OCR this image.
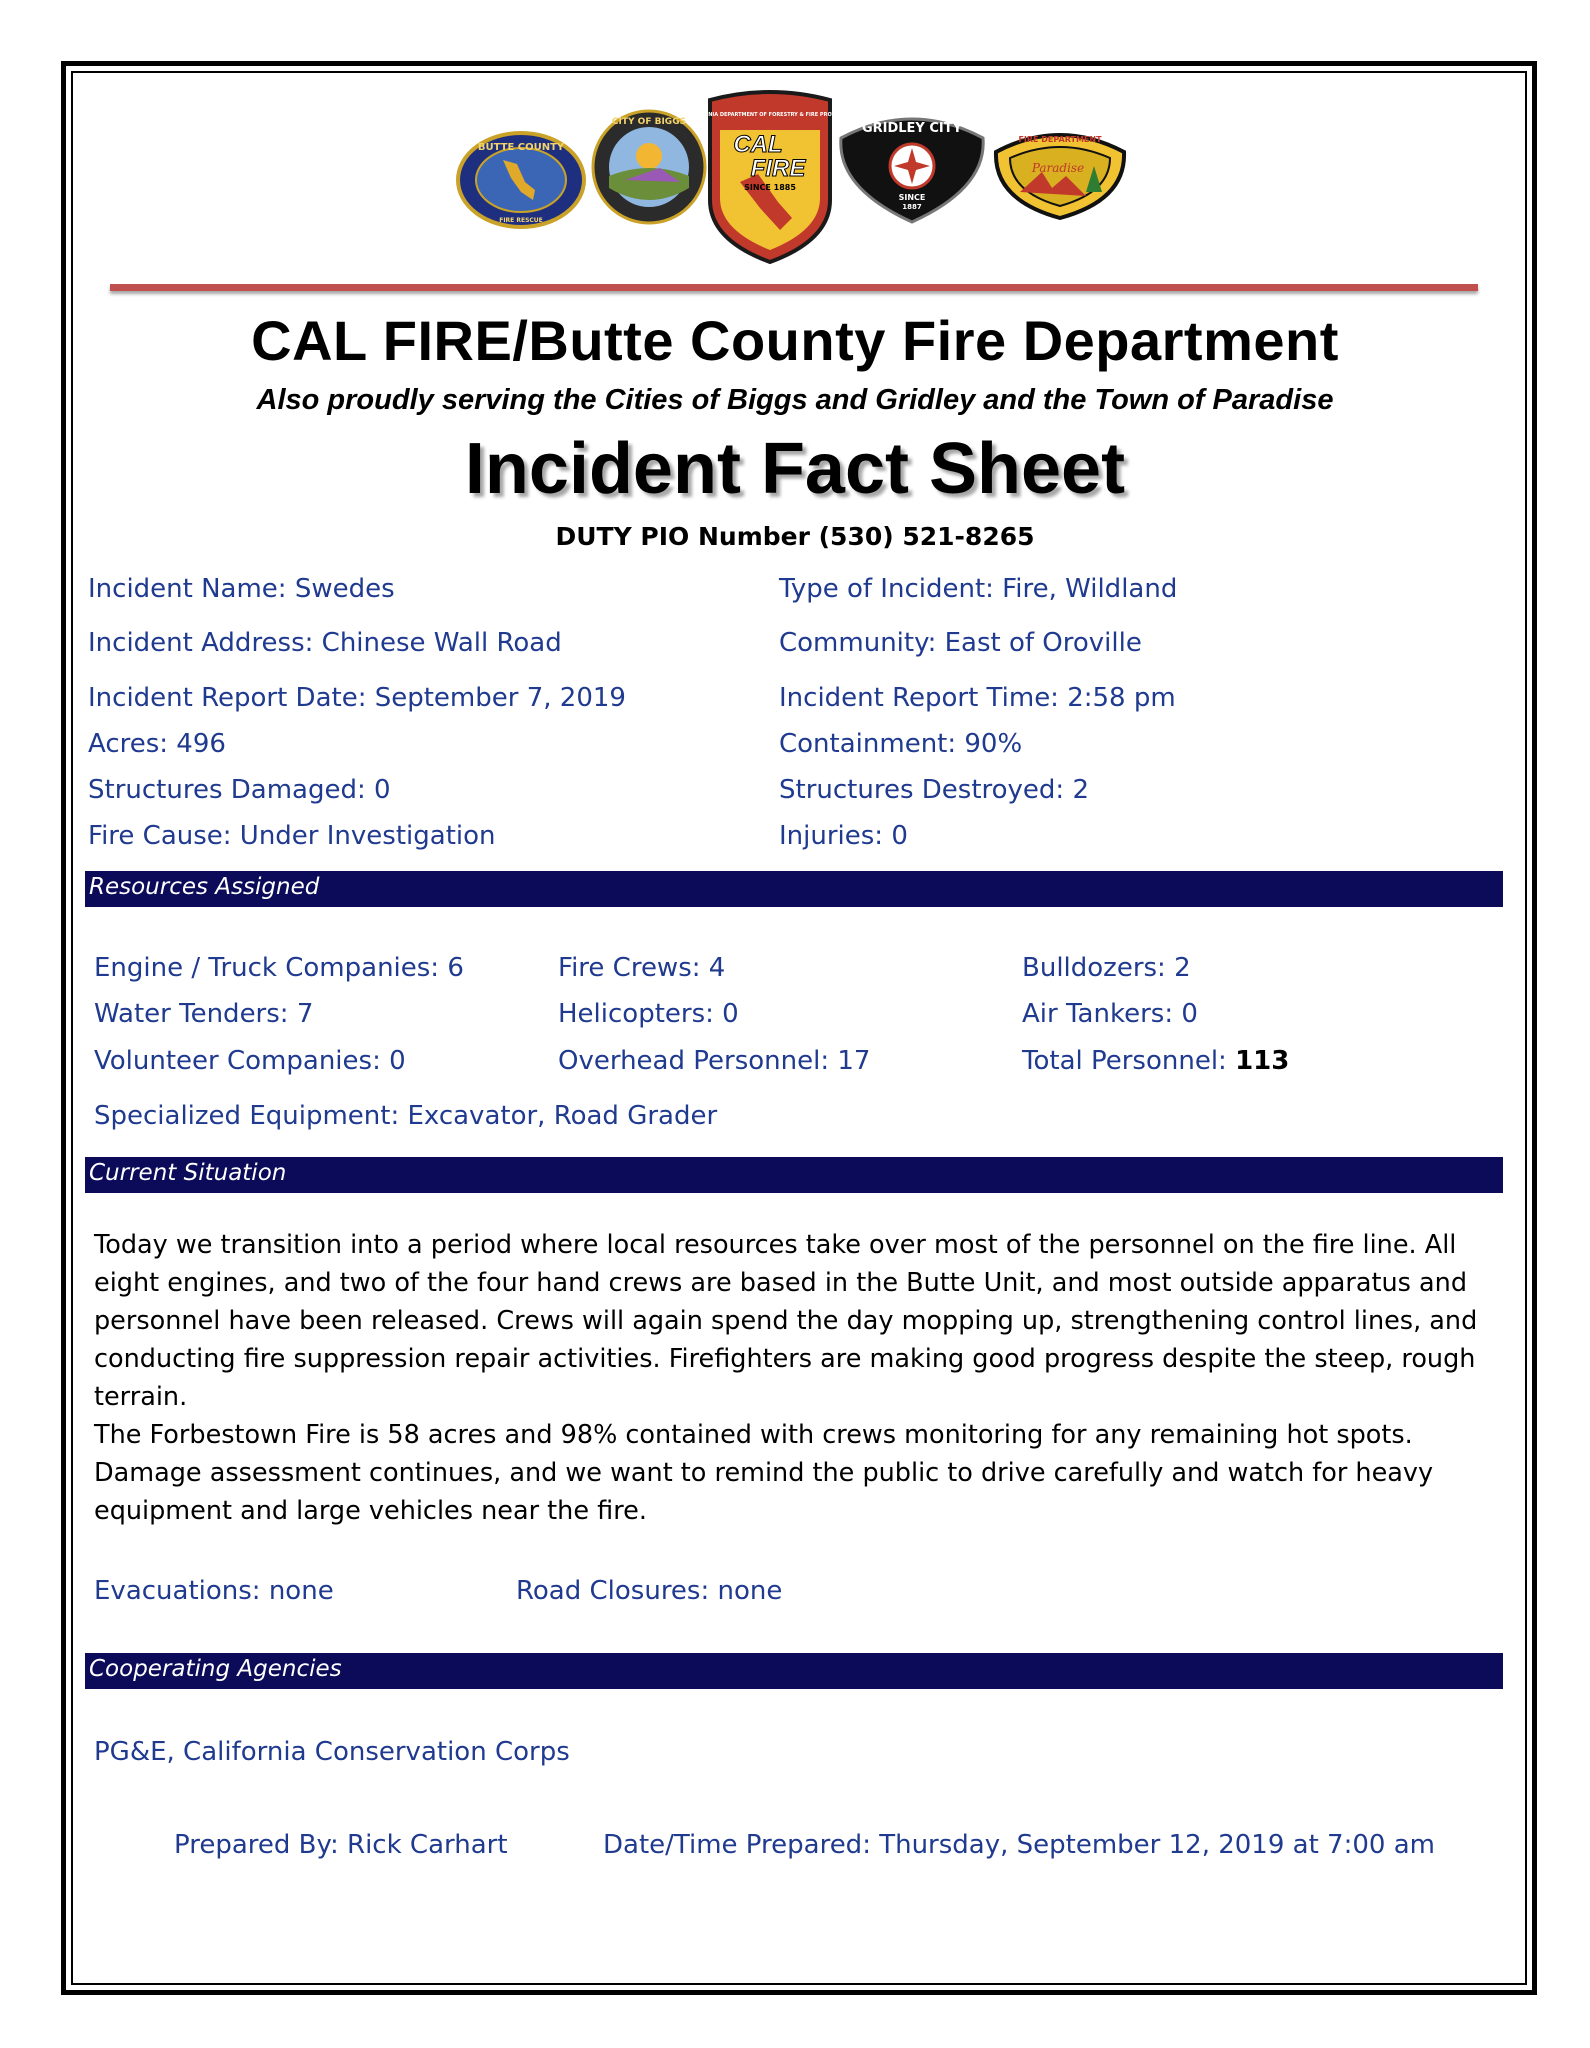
BUTTE COUNTY
FIRE RESCUE
CITY OF BIGGS
CALIFORNIA DEPARTMENT OF FORESTRY & FIRE PROTECTION
CAL
FIRE
SINCE 1885
GRIDLEY CITY
SINCE
1887
FIRE DEPARTMENT
Paradise
CAL FIRE/Butte County Fire Department
Also proudly serving the Cities of Biggs and Gridley and the Town of Paradise
Incident Fact Sheet
DUTY PIO Number (530) 521-8265
Incident Name: Swedes	Type of Incident: Fire, Wildland
Incident Address: Chinese Wall Road	Community: East of Oroville
Incident Report Date: September 7, 2019	Incident Report Time: 2:58 pm
Acres: 496	Containment: 90%
Structures Damaged: 0	Structures Destroyed: 2
Fire Cause: Under Investigation	Injuries: 0
Resources Assigned
Engine / Truck Companies: 6	Fire Crews: 4	Bulldozers: 2
Water Tenders: 7	Helicopters: 0	Air Tankers: 0
Volunteer Companies: 0	Overhead Personnel: 17	Total Personnel: 113
Specialized Equipment: Excavator, Road Grader
Current Situation

Today we transition into a period where local resources take over most of the personnel on the fire line. All eight engines, and two of the four hand crews are based in the Butte Unit, and most outside apparatus and personnel have been released. Crews will again spend the day mopping up, strengthening control lines, and conducting fire suppression repair activities. Firefighters are making good progress despite the steep, rough terrain.

The Forbestown Fire is 58 acres and 98% contained with crews monitoring for any remaining hot spots. Damage assessment continues, and we want to remind the public to drive carefully and watch for heavy equipment and large vehicles near the fire.

Evacuations: none	Road Closures: none
Cooperating Agencies
PG&E, California Conservation Corps
Prepared By: Rick Carhart	Date/Time Prepared: Thursday, September 12, 2019 at 7:00 am
